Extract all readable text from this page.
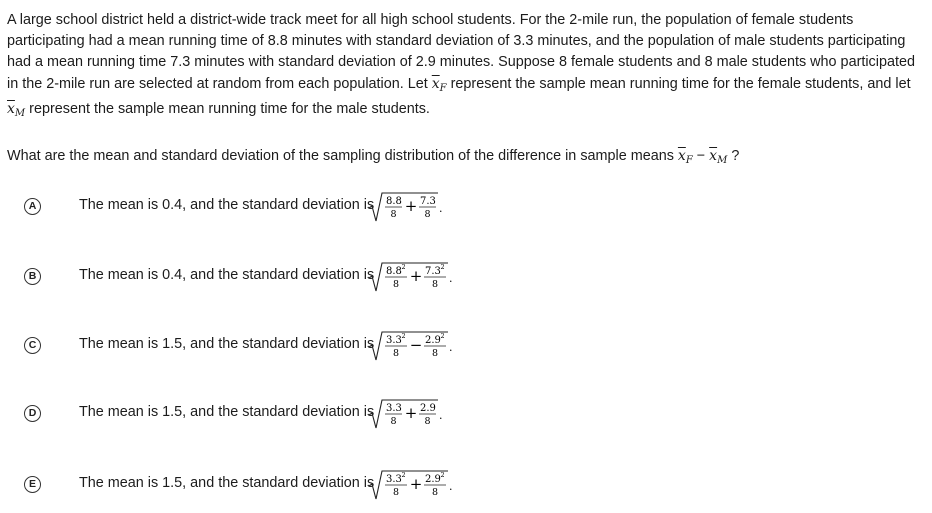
A large school district held a district-wide track meet for all high school students. For the 2-mile run, the population of female students participating had a mean running time of 8.8 minutes with standard deviation of 3.3 minutes, and the population of male students participating had a mean running time 7.3 minutes with standard deviation of 2.9 minutes. Suppose 8 female students and 8 male students who participated in the 2-mile run are selected at random from each population. Let $\overline{x}_F$ represent the sample mean running time for the female students, and let $\overline{x}_M$ represent the sample mean running time for the male students.

What are the mean and standard deviation of the sampling distribution of the difference in sample means $\overline{x}_F - \overline{x}_M$ ?

A	The mean is 0.4, and the standard deviation is 8.8
8 + 7.3
8 .
B	The mean is 0.4, and the standard deviation is 8.8 2
8 + 7.3 2
8 .
C	The mean is 1.5, and the standard deviation is 3.3 2
8 − 2.9 2
8 .
D	The mean is 1.5, and the standard deviation is 3.3
8 + 2.9
8 .
E	The mean is 1.5, and the standard deviation is 3.3 2
8 + 2.9 2
8 .
